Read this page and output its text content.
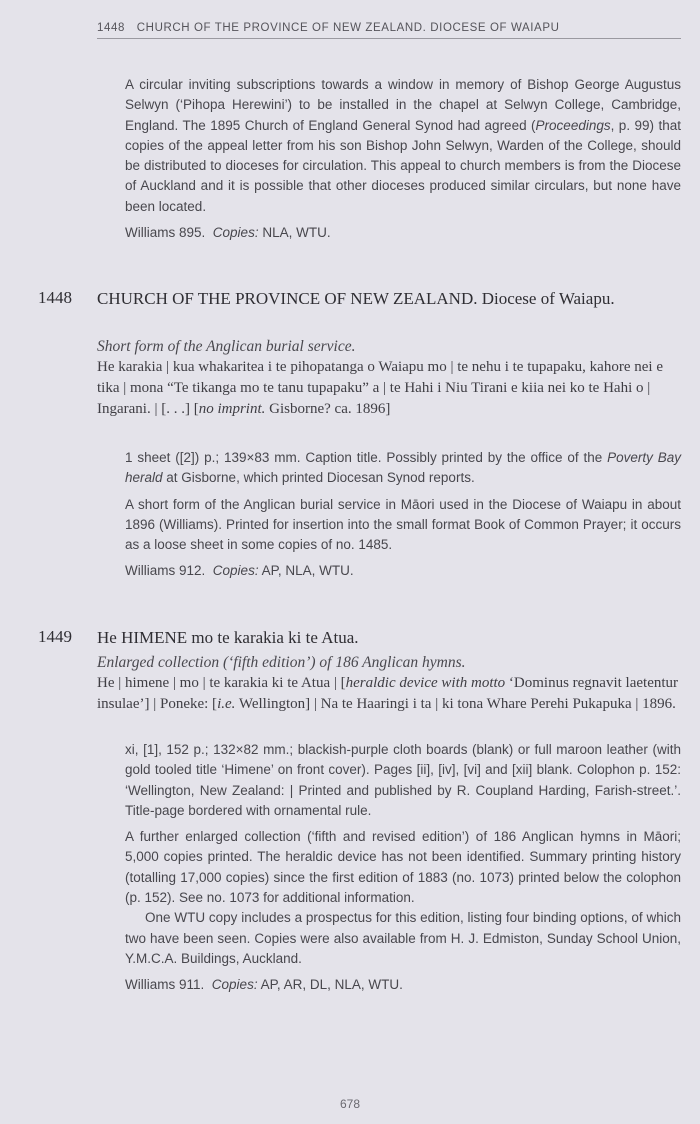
1448 CHURCH OF THE PROVINCE OF NEW ZEALAND. DIOCESE OF WAIAPU

A circular inviting subscriptions towards a window in memory of Bishop George Augustus Selwyn (‘Pihopa Herewini’) to be installed in the chapel at Selwyn College, Cambridge, England. The 1895 Church of England General Synod had agreed (Proceedings, p. 99) that copies of the appeal letter from his son Bishop John Selwyn, Warden of the College, should be distributed to dioceses for circulation. This appeal to church members is from the Diocese of Auckland and it is possible that other dioceses produced similar circulars, but none have been located.

Williams 895. Copies: NLA, WTU.

1448 CHURCH OF THE PROVINCE OF NEW ZEALAND. Diocese of Waiapu.

Short form of the Anglican burial service.

He karakia | kua whakaritea i te pihopatanga o Waiapu mo | te nehu i te tupapaku, kahore nei e tika | mona “Te tikanga mo te tanu tupapaku” a | te Hahi i Niu Tirani e kiia nei ko te Hahi o | Ingarani. | [. . .] [no imprint. Gisborne? ca. 1896]

1 sheet ([2]) p.; 139×83 mm. Caption title. Possibly printed by the office of the Poverty Bay herald at Gisborne, which printed Diocesan Synod reports.

A short form of the Anglican burial service in Māori used in the Diocese of Waiapu in about 1896 (Williams). Printed for insertion into the small format Book of Common Prayer; it occurs as a loose sheet in some copies of no. 1485.

Williams 912. Copies: AP, NLA, WTU.

1449 He HIMENE mo te karakia ki te Atua.

Enlarged collection (‘fifth edition’) of 186 Anglican hymns.

He | himene | mo | te karakia ki te Atua | [heraldic device with motto ‘Dominus regnavit laetentur insulae’] | Poneke: [i.e. Wellington] | Na te Haaringi i ta | ki tona Whare Perehi Pukapuka | 1896.

xi, [1], 152 p.; 132×82 mm.; blackish-purple cloth boards (blank) or full maroon leather (with gold tooled title ‘Himene’ on front cover). Pages [ii], [iv], [vi] and [xii] blank. Colophon p. 152: ‘Wellington, New Zealand: | Printed and published by R. Coupland Harding, Farish-street.’. Title-page bordered with ornamental rule.

A further enlarged collection (‘fifth and revised edition’) of 186 Anglican hymns in Māori; 5,000 copies printed. The heraldic device has not been identified. Summary printing history (totalling 17,000 copies) since the first edition of 1883 (no. 1073) printed below the colophon (p. 152). See no. 1073 for additional information.

One WTU copy includes a prospectus for this edition, listing four binding options, of which two have been seen. Copies were also available from H. J. Edmiston, Sunday School Union, Y.M.C.A. Buildings, Auckland.

Williams 911. Copies: AP, AR, DL, NLA, WTU.

678
